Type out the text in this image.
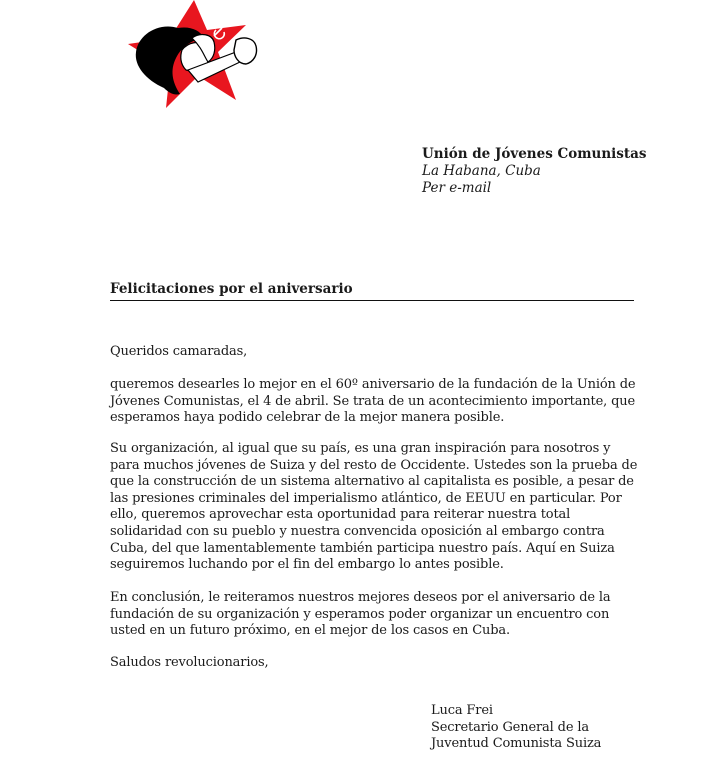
Unión de Jóvenes Comunistas
La Habana, Cuba
Per e-mail
Felicitaciones por el aniversario

Queridos camaradas,

queremos desearles lo mejor en el 60º aniversario de la fundación de la Unión de Jóvenes Comunistas, el 4 de abril. Se trata de un acontecimiento importante, que esperamos haya podido celebrar de la mejor manera posible.

Su organización, al igual que su país, es una gran inspiración para nosotros y para muchos jóvenes de Suiza y del resto de Occidente. Ustedes son la prueba de que la construcción de un sistema alternativo al capitalista es posible, a pesar de las presiones criminales del imperialismo atlántico, de EEUU en particular. Por ello, queremos aprovechar esta oportunidad para reiterar nuestra total solidaridad con su pueblo y nuestra convencida oposición al embargo contra Cuba, del que lamentablemente también participa nuestro país. Aquí en Suiza seguiremos luchando por el fin del embargo lo antes posible.

En conclusión, le reiteramos nuestros mejores deseos por el aniversario de la fundación de su organización y esperamos poder organizar un encuentro con usted en un futuro próximo, en el mejor de los casos en Cuba.

Saludos revolucionarios,

Luca Frei
Secretario General de la
Juventud Comunista Suiza
